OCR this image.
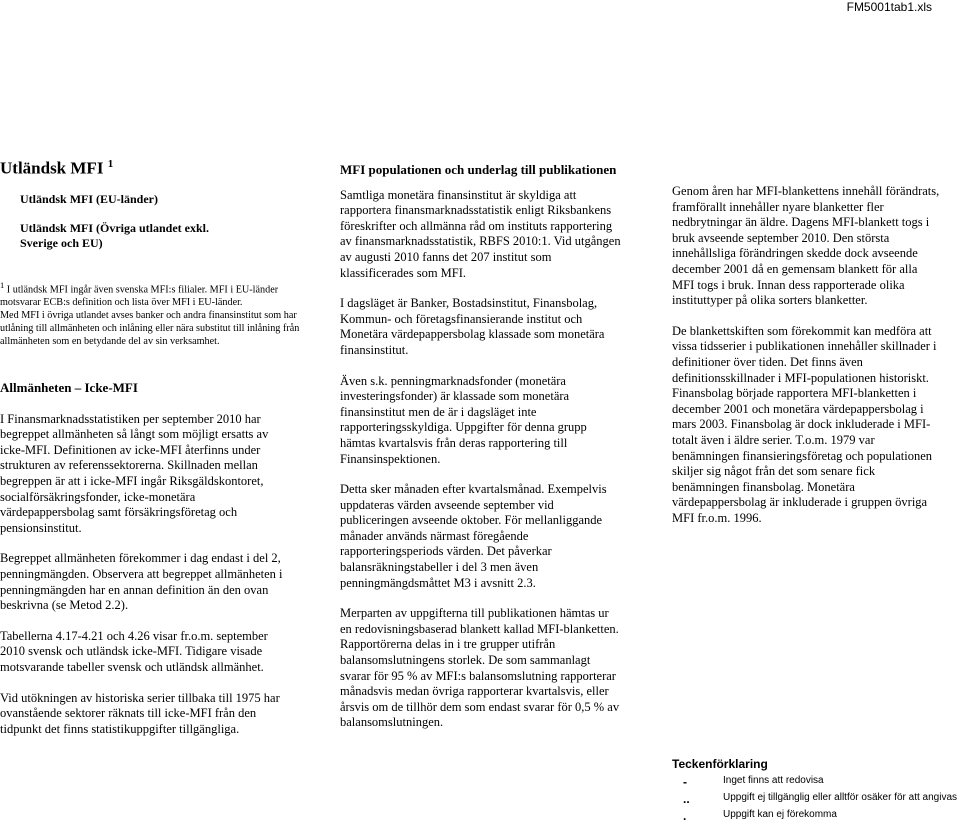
FM5001tab1.xls
Utländsk MFI $^1$
Utländsk MFI (EU-länder)
Utländsk MFI (Övriga utlandet exkl.
Sverige och EU)
$^1$ I utländsk MFI ingår även svenska MFI:s filialer. MFI i EU-länder motsvarar ECB:s definition och lista över MFI i EU-länder.
Med MFI i övriga utlandet avses banker och andra finansinstitut som har utlåning till allmänheten och inlåning eller nära substitut till inlåning från allmänheten som en betydande del av sin verksamhet.

Allmänheten – Icke-MFI

I Finansmarknadsstatistiken per september 2010 har begreppet allmänheten så långt som möjligt ersatts av icke-MFI. Definitionen av icke-MFI återfinns under strukturen av referenssektorerna. Skillnaden mellan begreppen är att i icke-MFI ingår Riksgäldskontoret, socialförsäkringsfonder, icke-monetära värdepappersbolag samt försäkringsföretag och pensionsinstitut.

Begreppet allmänheten förekommer i dag endast i del 2, penningmängden. Observera att begreppet allmänheten i penningmängden har en annan definition än den ovan beskrivna (se Metod 2.2).

Tabellerna 4.17-4.21 och 4.26 visar fr.o.m. september 2010 svensk och utländsk icke-MFI. Tidigare visade motsvarande tabeller svensk och utländsk allmänhet.

Vid utökningen av historiska serier tillbaka till 1975 har ovanstående sektorer räknats till icke-MFI från den tidpunkt det finns statistikuppgifter tillgängliga.

MFI populationen och underlag till publikationen

Samtliga monetära finansinstitut är skyldiga att rapportera finansmarknadsstatistik enligt Riksbankens föreskrifter och allmänna råd om instituts rapportering av finansmarknadsstatistik, RBFS 2010:1. Vid utgången av augusti 2010 fanns det 207 institut som klassificerades som MFI.

I dagsläget är Banker, Bostadsinstitut, Finansbolag, Kommun- och företagsfinansierande institut och Monetära värdepappersbolag klassade som monetära finansinstitut.

Även s.k. penningmarknadsfonder (monetära investeringsfonder) är klassade som monetära finansinstitut men de är i dagsläget inte rapporteringsskyldiga. Uppgifter för denna grupp hämtas kvartalsvis från deras rapportering till Finansinspektionen.

Detta sker månaden efter kvartalsmånad. Exempelvis uppdateras värden avseende september vid publiceringen avseende oktober. För mellanliggande månader används närmast föregående rapporteringsperiods värden. Det påverkar balansräkningstabeller i del 3 men även penningmängdsmåttet M3 i avsnitt 2.3.

Merparten av uppgifterna till publikationen hämtas ur en redovisningsbaserad blankett kallad MFI-blanketten. Rapportörerna delas in i tre grupper utifrån balansomslutningens storlek. De som sammanlagt svarar för 95 % av MFI:s balansomslutning rapporterar månadsvis medan övriga rapporterar kvartalsvis, eller årsvis om de tillhör dem som endast svarar för 0,5 % av balansomslutningen.

Genom åren har MFI-blankettens innehåll förändrats, framförallt innehåller nyare blanketter fler nedbrytningar än äldre. Dagens MFI-blankett togs i bruk avseende september 2010. Den största innehållsliga förändringen skedde dock avseende december 2001 då en gemensam blankett för alla MFI togs i bruk. Innan dess rapporterade olika instituttyper på olika sorters blanketter.

De blankettskiften som förekommit kan medföra att vissa tidsserier i publikationen innehåller skillnader i definitioner över tiden. Det finns även definitionsskillnader i MFI-populationen historiskt. Finansbolag började rapportera MFI-blanketten i december 2001 och monetära värdepappersbolag i mars 2003. Finansbolag är dock inkluderade i MFI-totalt även i äldre serier. T.o.m. 1979 var benämningen finansieringsföretag och populationen skiljer sig något från det som senare fick benämningen finansbolag. Monetära värdepappersbolag är inkluderade i gruppen övriga MFI fr.o.m. 1996.

Teckenförklaring
-	Inget finns att redovisa
..	Uppgift ej tillgänglig eller alltför osäker för att angivas
.	Uppgift kan ej förekomma
